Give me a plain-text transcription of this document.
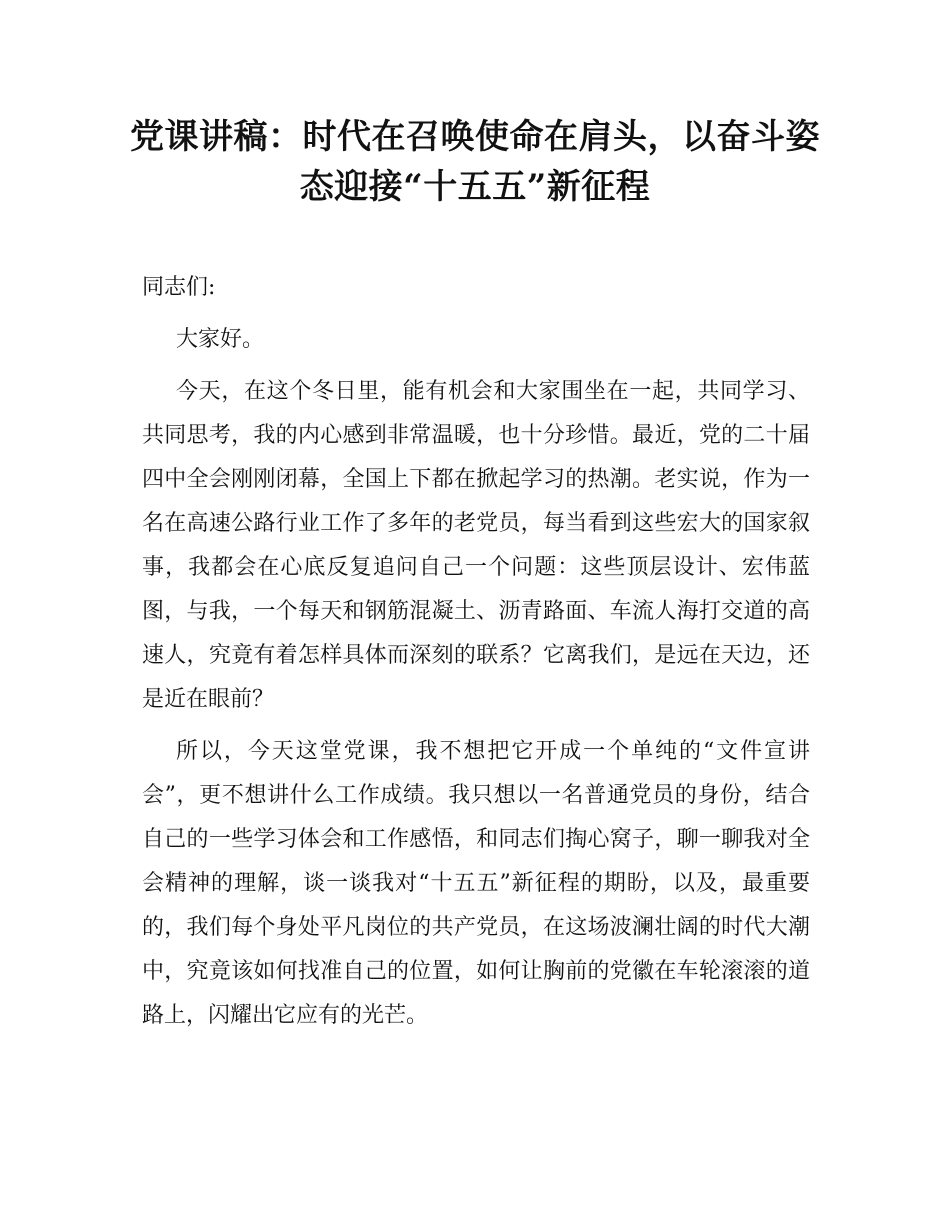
党课讲稿：时代在召唤使命在肩头，以奋斗姿态迎接“十五五”新征程

同志们:

大家好。

今天，在这个冬日里，能有机会和大家围坐在一起，共同学习、共同思考，我的内心感到非常温暖，也十分珍惜。最近，党的二十届四中全会刚刚闭幕，全国上下都在掀起学习的热潮。老实说，作为一名在高速公路行业工作了多年的老党员，每当看到这些宏大的国家叙事，我都会在心底反复追问自己一个问题：这些顶层设计、宏伟蓝图，与我，一个每天和钢筋混凝土、沥青路面、车流人海打交道的高速人，究竟有着怎样具体而深刻的联系？它离我们，是远在天边，还是近在眼前？

所以，今天这堂党课，我不想把它开成一个单纯的“文件宣讲会”，更不想讲什么工作成绩。我只想以一名普通党员的身份，结合自己的一些学习体会和工作感悟，和同志们掏心窝子，聊一聊我对全会精神的理解，谈一谈我对“十五五”新征程的期盼，以及，最重要的，我们每个身处平凡岗位的共产党员，在这场波澜壮阔的时代大潮中，究竟该如何找准自己的位置，如何让胸前的党徽在车轮滚滚的道路上，闪耀出它应有的光芒。
